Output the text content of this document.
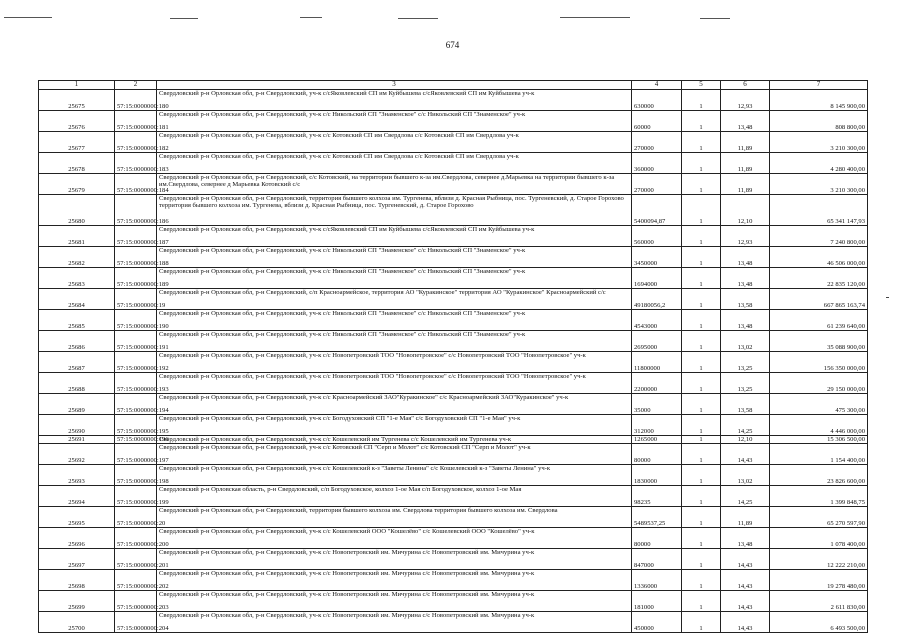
674
1	2	3	4	5	6	7
25675	57:15:0000000:180	Свердловский р-н Орловская обл, р-н Свердловский, уч-к с/сЯковлевский СП им Куйбышева с/сЯковлевский СП им Куйбышева уч-к	630000	1	12,93	8 145 900,00
25676	57:15:0000000:181	Свердловский р-н Орловская обл, р-н Свердловский, уч-к с/с Никольский СП "Знаменское" с/с Никольский СП "Знаменское" уч-к	60000	1	13,48	808 800,00
25677	57:15:0000000:182	Свердловский р-н Орловская обл, р-н Свердловский, уч-к с/с Котовский СП им Свердлова с/с Котовский СП им Свердлова уч-к	270000	1	11,89	3 210 300,00
25678	57:15:0000000:183	Свердловский р-н Орловская обл, р-н Свердловский, уч-к с/с Котовский СП им Свердлова с/с Котовский СП им Свердлова уч-к	360000	1	11,89	4 280 400,00
25679	57:15:0000000:184	Свердловский р-н Орловская обл, р-н Свердловский, с/с Котовский, на территории бывшего к-за им.Свердлова, севернее д.Марьевка на территории бывшего к-за им.Свердлова, севернее д Марьевка Котовский с/с	270000	1	11,89	3 210 300,00
25680	57:15:0000000:186	Свердловский р-н Орловская обл, р-н Свердловский, территория бывшего колхоза им. Тургенева, вблизи д. Красная Рыбница, пос. Тургеневский, д. Старое Горохово территория бывшего колхоза им. Тургенева, вблизи д. Красная Рыбница, пос. Тургеневский, д. Старое Горохово	5400094,87	1	12,10	65 341 147,93
25681	57:15:0000000:187	Свердловский р-н Орловская обл, р-н Свердловский, уч-к с/сЯковлевский СП им Куйбышева с/сЯковлевский СП им Куйбышева уч-к	560000	1	12,93	7 240 800,00
25682	57:15:0000000:188	Свердловский р-н Орловская обл, р-н Свердловский, уч-к с/с Никольский СП "Знаменское" с/с Никольский СП "Знаменское" уч-к	3450000	1	13,48	46 506 000,00
25683	57:15:0000000:189	Свердловский р-н Орловская обл, р-н Свердловский, уч-к с/с Никольский СП "Знаменское" с/с Никольский СП "Знаменское" уч-к	1694000	1	13,48	22 835 120,00
25684	57:15:0000000:19	Свердловский р-н Орловская обл, р-н Свердловский, с/п Красноармейское, территория АО "Куракинское" территория АО "Куракинское" Красноармейский с/с	49180056,2	1	13,58	667 865 163,74
25685	57:15:0000000:190	Свердловский р-н Орловская обл, р-н Свердловский, уч-к с/с Никольский СП "Знаменское" с/с Никольский СП "Знаменское" уч-к	4543000	1	13,48	61 239 640,00
25686	57:15:0000000:191	Свердловский р-н Орловская обл, р-н Свердловский, уч-к с/с Никольский СП "Знаменское" с/с Никольский СП "Знаменское" уч-к	2695000	1	13,02	35 088 900,00
25687	57:15:0000000:192	Свердловский р-н Орловская обл, р-н Свердловский, уч-к с/с Новопетровский ТОО "Новопетровское" с/с Новопетровский ТОО "Новопетровское" уч-к	11800000	1	13,25	156 350 000,00
25688	57:15:0000000:193	Свердловский р-н Орловская обл, р-н Свердловский, уч-к с/с Новопетровский ТОО "Новопетровское" с/с Новопетровский ТОО "Новопетровское" уч-к	2200000	1	13,25	29 150 000,00
25689	57:15:0000000:194	Свердловский р-н Орловская обл, р-н Свердловский, уч-к с/с Красноармейский ЗАО"Куракинское" с/с Красноармейский ЗАО"Куракинское" уч-к	35000	1	13,58	475 300,00
25690	57:15:0000000:195	Свердловский р-н Орловская обл, р-н Свердловский, уч-к с/с Богодуховский СП "1-е Мая" с/с Богодуховский СП "1-е Мая" уч-к	312000	1	14,25	4 446 000,00
25691	57:15:0000000:196	Свердловский р-н Орловская обл, р-н Свердловский, уч-к с/с Кошелевский им Тургенева с/с Кошелевский им Тургенева уч-к	1265000	1	12,10	15 306 500,00
25692	57:15:0000000:197	Свердловский р-н Орловская обл, р-н Свердловский, уч-к с/с Котовский СП "Серп и Молот" с/с Котовский СП "Серп и Молот" уч-к	80000	1	14,43	1 154 400,00
25693	57:15:0000000:198	Свердловский р-н Орловская обл, р-н Свердловский, уч-к с/с Кошелевский к-з "Заветы Ленина" с/с Кошелевский к-з "Заветы Ленина" уч-к	1830000	1	13,02	23 826 600,00
25694	57:15:0000000:199	Свердловский р-н Орловская область, р-н Свердловский, с/п Богодуховское, колхоз 1-ое Мая с/п Богодуховское, колхоз 1-ое Мая	98235	1	14,25	1 399 848,75
25695	57:15:0000000:20	Свердловский р-н Орловская обл, р-н Свердловский, территория бывшего колхоза им. Свердлова территория бывшего колхоза им. Свердлова	5489537,25	1	11,89	65 270 597,90
25696	57:15:0000000:200	Свердловский р-н Орловская обл, р-н Свердловский, уч-к с/с Кошелевский ООО "Кошелёво" с/с Кошелевский ООО "Кошелёво" уч-к	80000	1	13,48	1 078 400,00
25697	57:15:0000000:201	Свердловский р-н Орловская обл, р-н Свердловский, уч-к с/с Новопетровский им. Мичурина с/с Новопетровский им. Мичурина уч-к	847000	1	14,43	12 222 210,00
25698	57:15:0000000:202	Свердловский р-н Орловская обл, р-н Свердловский, уч-к с/с Новопетровский им. Мичурина с/с Новопетровский им. Мичурина уч-к	1336000	1	14,43	19 278 480,00
25699	57:15:0000000:203	Свердловский р-н Орловская обл, р-н Свердловский, уч-к с/с Новопетровский им. Мичурина с/с Новопетровский им. Мичурина уч-к	181000	1	14,43	2 611 830,00
25700	57:15:0000000:204	Свердловский р-н Орловская обл, р-н Свердловский, уч-к с/с Новопетровский им. Мичурина с/с Новопетровский им. Мичурина уч-к	450000	1	14,43	6 493 500,00
